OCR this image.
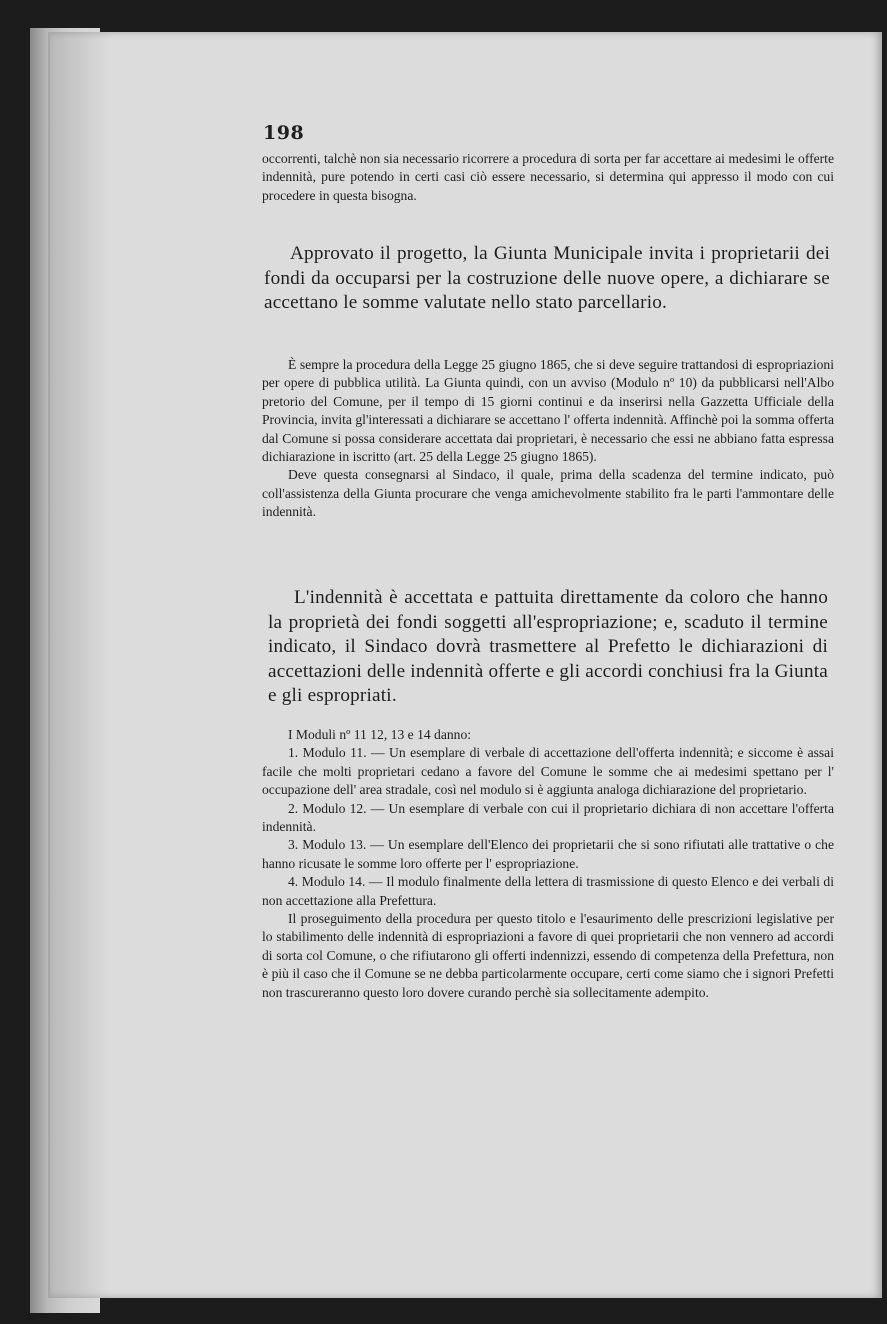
198

occorrenti, talchè non sia necessario ricorrere a procedura di sorta per far accettare ai medesimi le offerte indennità, pure potendo in certi casi ciò essere necessario, si determina qui appresso il modo con cui procedere in questa bisogna.

Approvato il progetto, la Giunta Municipale invita i proprietarii dei fondi da occuparsi per la costruzione delle nuove opere, a dichiarare se accettano le somme valutate nello stato parcellario.

È sempre la procedura della Legge 25 giugno 1865, che si deve seguire trattandosi di espropriazioni per opere di pubblica utilità. La Giunta quindi, con un avviso (Modulo nº 10) da pubblicarsi nell'Albo pretorio del Comune, per il tempo di 15 giorni continui e da inserirsi nella Gazzetta Ufficiale della Provincia, invita gl'interessati a dichiarare se accettano l' offerta indennità. Affinchè poi la somma offerta dal Comune si possa considerare accettata dai proprietari, è necessario che essi ne abbiano fatta espressa dichiarazione in iscritto (art. 25 della Legge 25 giugno 1865).

Deve questa consegnarsi al Sindaco, il quale, prima della scadenza del termine indicato, può coll'assistenza della Giunta procurare che venga amichevolmente stabilito fra le parti l'ammontare delle indennità.

L'indennità è accettata e pattuita direttamente da coloro che hanno la proprietà dei fondi soggetti all'espropriazione; e, scaduto il termine indicato, il Sindaco dovrà trasmettere al Prefetto le dichiarazioni di accettazioni delle indennità offerte e gli accordi conchiusi fra la Giunta e gli espropriati.

I Moduli nº 11 12, 13 e 14 danno:

1. Modulo 11. — Un esemplare di verbale di accettazione dell'offerta indennità; e siccome è assai facile che molti proprietari cedano a favore del Comune le somme che ai medesimi spettano per l' occupazione dell' area stradale, così nel modulo si è aggiunta analoga dichiarazione del proprietario.

2. Modulo 12. — Un esemplare di verbale con cui il proprietario dichiara di non accettare l'offerta indennità.

3. Modulo 13. — Un esemplare dell'Elenco dei proprietarii che si sono rifiutati alle trattative o che hanno ricusate le somme loro offerte per l' espropriazione.

4. Modulo 14. — Il modulo finalmente della lettera di trasmissione di questo Elenco e dei verbali di non accettazione alla Prefettura.

Il proseguimento della procedura per questo titolo e l'esaurimento delle prescrizioni legislative per lo stabilimento delle indennità di espropriazioni a favore di quei proprietarii che non vennero ad accordi di sorta col Comune, o che rifiutarono gli offerti indennizzi, essendo di competenza della Prefettura, non è più il caso che il Comune se ne debba particolarmente occupare, certi come siamo che i signori Prefetti non trascureranno questo loro dovere curando perchè sia sollecitamente adempito.
